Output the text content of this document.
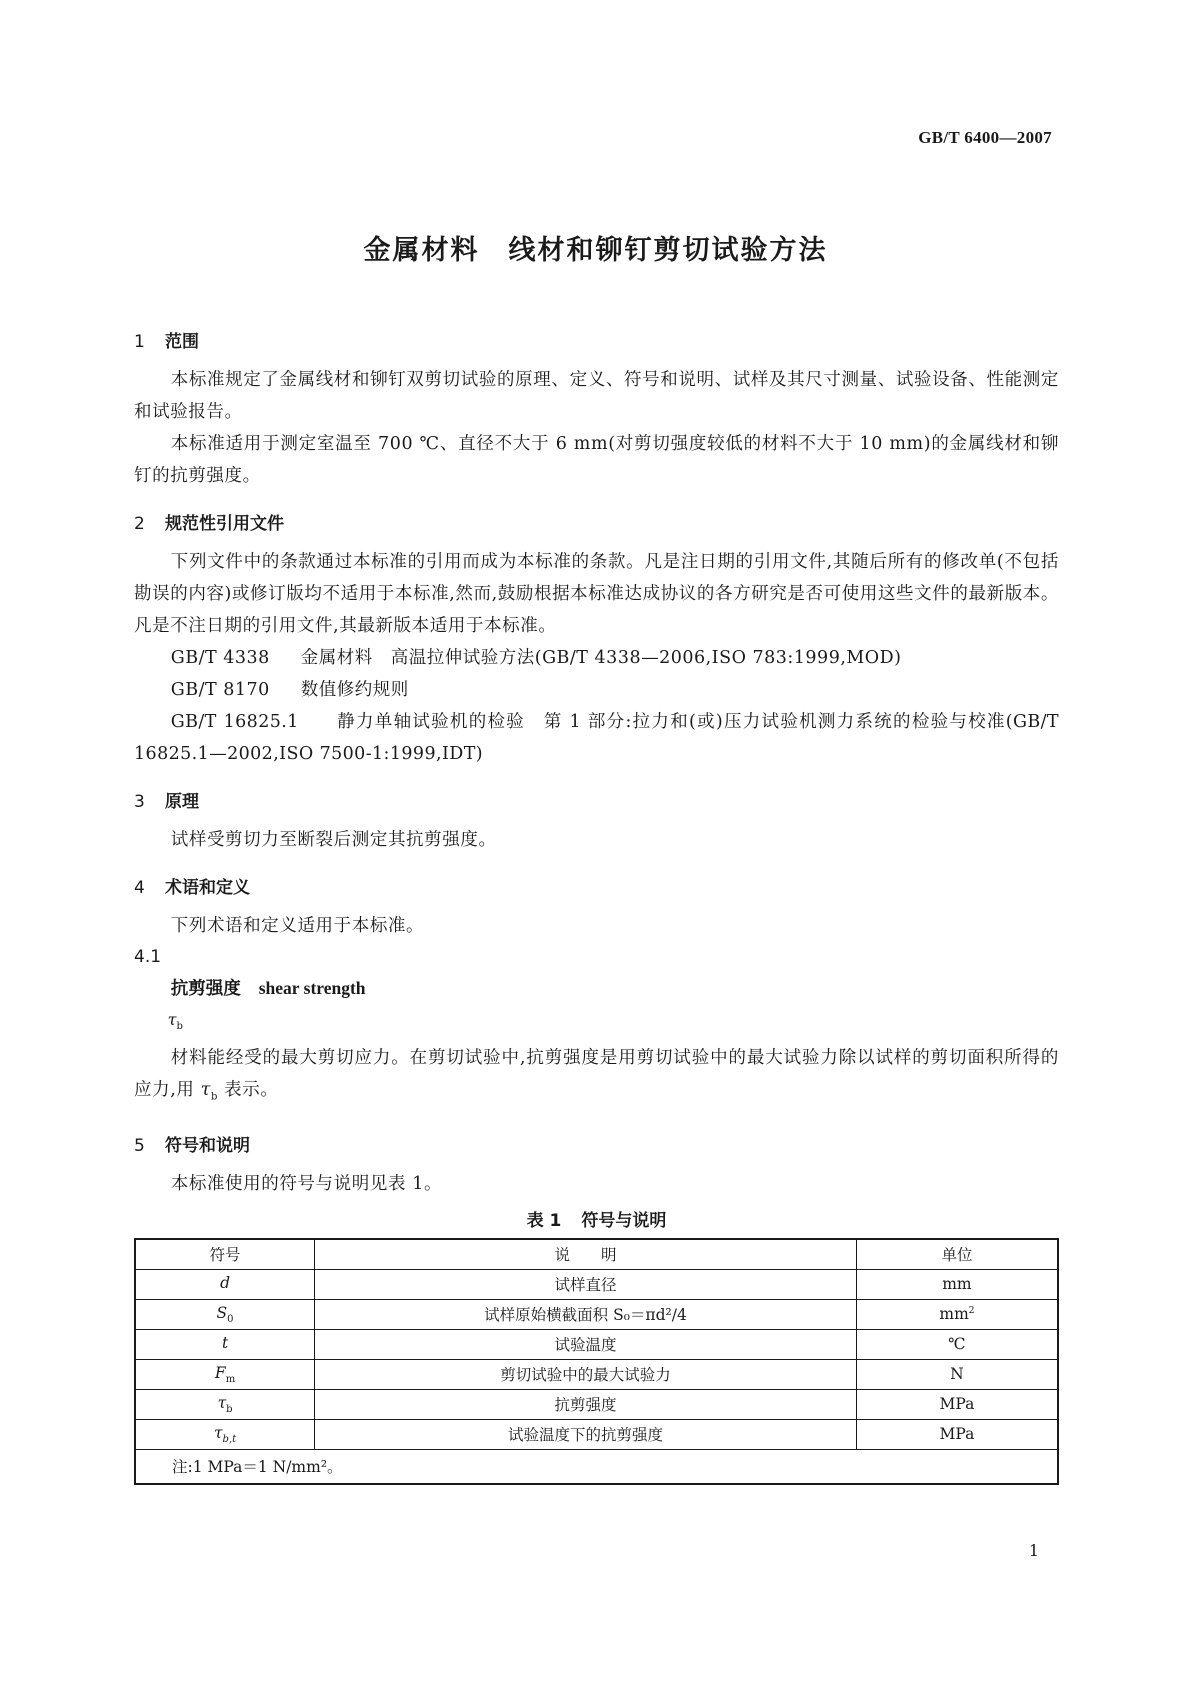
GB/T 6400—2007
金属材料　线材和铆钉剪切试验方法
1 范围

本标准规定了金属线材和铆钉双剪切试验的原理、定义、符号和说明、试样及其尺寸测量、试验设备、性能测定和试验报告。

本标准适用于测定室温至 700 ℃、直径不大于 6 mm(对剪切强度较低的材料不大于 10 mm)的金属线材和铆钉的抗剪强度。

2 规范性引用文件

下列文件中的条款通过本标准的引用而成为本标准的条款。凡是注日期的引用文件,其随后所有的修改单(不包括勘误的内容)或修订版均不适用于本标准,然而,鼓励根据本标准达成协议的各方研究是否可使用这些文件的最新版本。凡是不注日期的引用文件,其最新版本适用于本标准。

GB/T 4338 金属材料　高温拉伸试验方法(GB/T 4338—2006,ISO 783:1999,MOD)

GB/T 8170 数值修约规则

GB/T 16825.1　　 静力单轴试验机的检验　第 1 部分:拉力和(或)压力试验机测力系统的检验与校准(GB/T 16825.1—2002,ISO 7500-1:1999,IDT)

3 原理

试样受剪切力至断裂后测定其抗剪强度。

4 术语和定义

下列术语和定义适用于本标准。

4.1
抗剪强度 shear strength
$\tau_b$

材料能经受的最大剪切应力。在剪切试验中,抗剪强度是用剪切试验中的最大试验力除以试样的剪切面积所得的应力,用 $\tau_b$ 表示。

5 符号和说明

本标准使用的符号与说明见表 1。

表 1 符号与说明
符号	说　　明	单位
d	试样直径	mm
$S_0$	试样原始横截面积 S₀＝πd²/4	$mm^2$
t	试验温度	℃
$F_m$	剪切试验中的最大试验力	N
$\tau_b$	抗剪强度	MPa
$\tau_{b,t}$	试验温度下的抗剪强度	MPa
注:1 MPa＝1 N/mm²。		
1
